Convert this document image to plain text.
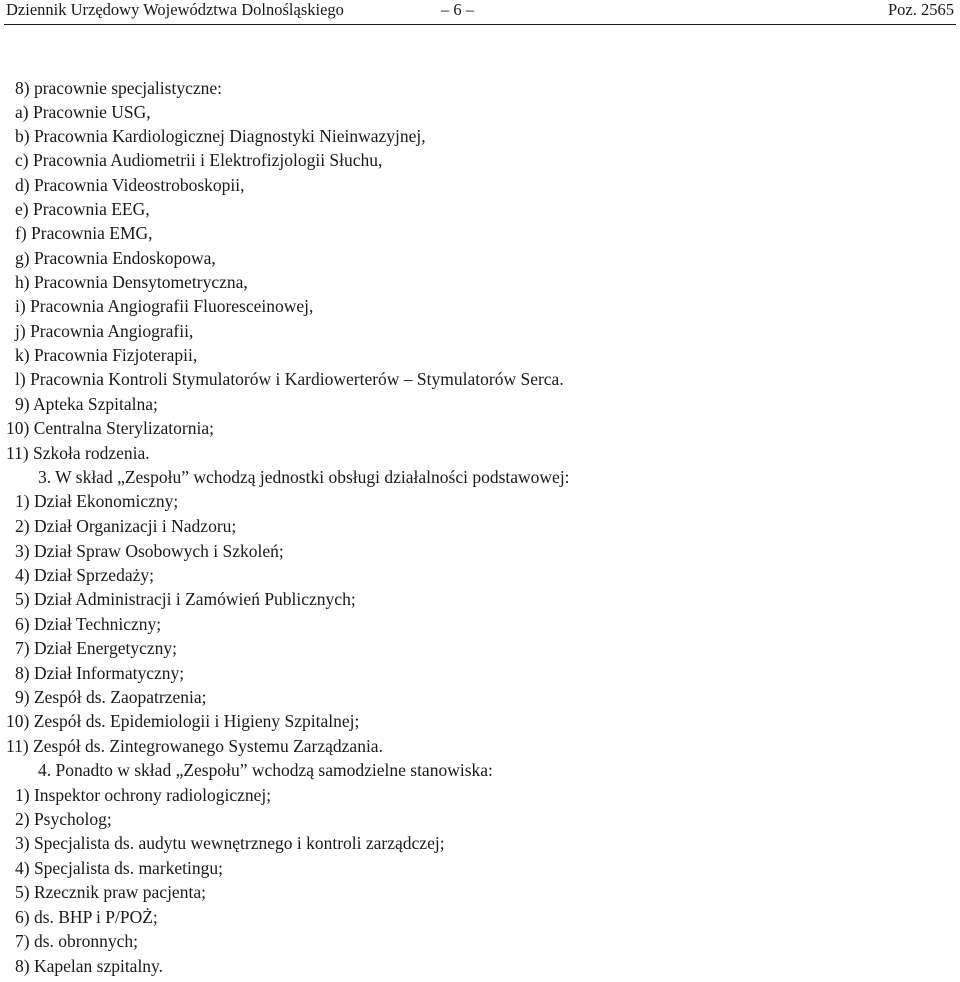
Dziennik Urzędowy Województwa Dolnośląskiego	– 6 –	Poz. 2565
8) pracownie specjalistyczne:
a) Pracownie USG,
b) Pracownia Kardiologicznej Diagnostyki Nieinwazyjnej,
c) Pracownia Audiometrii i Elektrofizjologii Słuchu,
d) Pracownia Videostroboskopii,
e) Pracownia EEG,
f) Pracownia EMG,
g) Pracownia Endoskopowa,
h) Pracownia Densytometryczna,
i) Pracownia Angiografii Fluoresceinowej,
j) Pracownia Angiografii,
k) Pracownia Fizjoterapii,
l) Pracownia Kontroli Stymulatorów i Kardiowerterów – Stymulatorów Serca.
9) Apteka Szpitalna;
10) Centralna Sterylizatornia;
11) Szkoła rodzenia.
3. W skład „Zespołu” wchodzą jednostki obsługi działalności podstawowej:
1) Dział Ekonomiczny;
2) Dział Organizacji i Nadzoru;
3) Dział Spraw Osobowych i Szkoleń;
4) Dział Sprzedaży;
5) Dział Administracji i Zamówień Publicznych;
6) Dział Techniczny;
7) Dział Energetyczny;
8) Dział Informatyczny;
9) Zespół ds. Zaopatrzenia;
10) Zespół ds. Epidemiologii i Higieny Szpitalnej;
11) Zespół ds. Zintegrowanego Systemu Zarządzania.
4. Ponadto w skład „Zespołu” wchodzą samodzielne stanowiska:
1) Inspektor ochrony radiologicznej;
2) Psycholog;
3) Specjalista ds. audytu wewnętrznego i kontroli zarządczej;
4) Specjalista ds. marketingu;
5) Rzecznik praw pacjenta;
6) ds. BHP i P/POŻ;
7) ds. obronnych;
8) Kapelan szpitalny.
